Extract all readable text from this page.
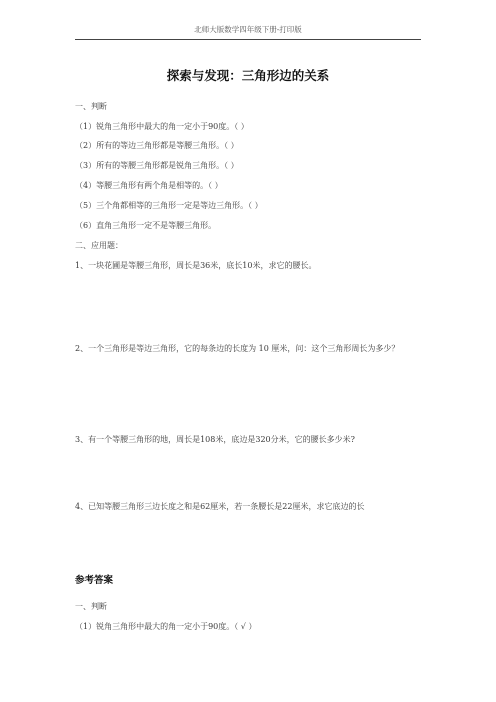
北师大版数学四年级下册-打印版
探索与发现：三角形边的关系
一、判断
（1）锐角三角形中最大的角一定小于90度。（ ）
（2）所有的等边三角形都是等腰三角形。（ ）
（3）所有的等腰三角形都是锐角三角形。（ ）
（4）等腰三角形有两个角是相等的。（ ）
（5）三个角都相等的三角形一定是等边三角形。（ ）
（6）直角三角形一定不是等腰三角形。
二、应用题：
1、一块花圃是等腰三角形，周长是36米，底长10米，求它的腰长。
2、一个三角形是等边三角形，它的每条边的长度为 10 厘米，问：这个三角形周长为多少？
3、有一个等腰三角形的地，周长是108米，底边是320分米，它的腰长多少米?
4、已知等腰三角形三边长度之和是62厘米，若一条腰长是22厘米，求它底边的长
参考答案
一、判断
（1）锐角三角形中最大的角一定小于90度。（ √ ）
